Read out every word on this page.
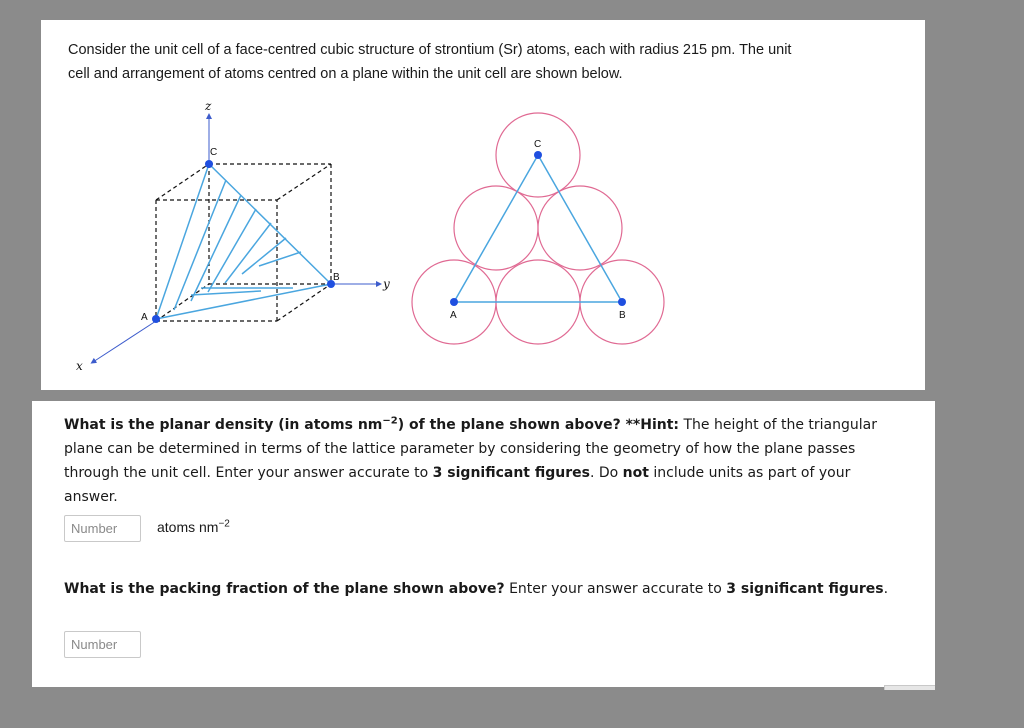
Consider the unit cell of a face-centred cubic structure of strontium (Sr) atoms, each with radius 215 pm. The unit
cell and arrangement of atoms centred on a plane within the unit cell are shown below.
z
y
x
C
B
A	A	B
C
What is the planar density (in atoms $nm^{-2}$) of the plane shown above? **Hint: The height of the triangular plane can be determined in terms of the lattice parameter by considering the geometry of how the plane passes through the unit cell. Enter your answer accurate to 3 significant figures. Do not include units as part of your answer.
Number
atoms $nm^{-2}$
What is the packing fraction of the plane shown above? Enter your answer accurate to 3 significant figures.
Number
